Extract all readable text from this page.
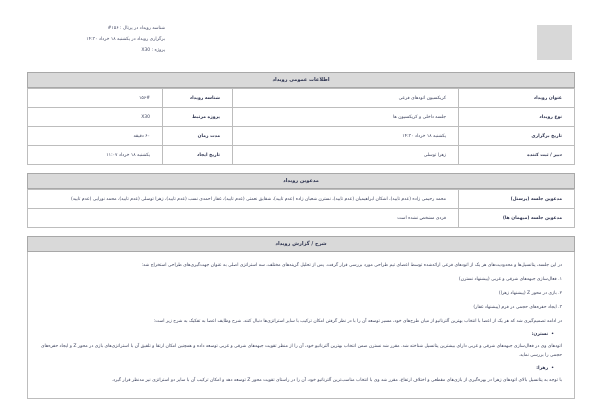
شناسه رویداد در پرتال : ۱۵۶#
برگزاری رویداد در یکشنبه ۱۸ خرداد ۱۴:۳۰
پروژه : X30
اطلاعات عمومی رویداد
عنوان رویداد	کریکسیون اتودهای فرعی	شناسه رویداد	۱۵۶#
نوع رویداد	جلسه داخلی و کریکسیون ها	پروژه مرتبط	X30
تاریخ برگزاری	یکشنبه ۱۸ خرداد ۱۴:۳۰	مدت زمان	۶۰ دقیقه
دبیر / ثبت کننده	زهرا توسلی	تاریخ ایجاد	یکشنبه ۱۸ خرداد ۱۱:۰۷
مدعوین رویداد
مدعوین جلسه (پرسنل)	محمد رحیمی زاده (عدم تایید)، اشکان ابراهیمیان (عدم تایید)، نسترن شعبان زاده (عدم تایید)، شقایق نعمتی (عدم تایید)، غفار احمدی نسب (عدم تایید)، زهرا توسلی (عدم تایید)، محمد نورایی (عدم تایید)
مدعوین جلسه (میهمان ها)	فردی مشخص نشده است
شرح / گزارش رویداد

در این جلسه، پتانسیل‌ها و محدودیت‌های هر یک از اتودهای فرعی ارائه‌شده توسط اعضای تیم طراحی مورد بررسی قرار گرفت. پس از تحلیل گزینه‌های مختلف، سه استراتژی اصلی به عنوان جهت‌گیری‌های طراحی استخراج شد:

۱. فعال‌سازی جبهه‌های شرقی و غربی (پیشنهاد نسترن)

۲. بازی در محور Z (پیشنهاد زهرا)

۳. ایجاد حفره‌های حجمی در فرم (پیشنهاد غفار)

در ادامه تصمیم‌گیری شد که هر یک از اعضا با انتخاب بهترین آلترناتیو از میان طرح‌های خود، مسیر توسعه آن را با در نظر گرفتن امکان ترکیب با سایر استراتژی‌ها دنبال کنند. شرح وظایف اعضا به تفکیک به شرح زیر است:

•نسترن:

اتودهای وی در فعال‌سازی جبهه‌های شرقی و غربی دارای بیشترین پتانسیل شناخته شد. مقرر شد نسترن ضمن انتخاب بهترین آلترناتیو خود، آن را از منظر تقویت جبهه‌های شرقی و غربی توسعه داده و همچنین امکان ارتقا و تلفیق آن با استراتژی‌های بازی در محور Z و ایجاد حفره‌های حجمی را بررسی نماید.

•زهرا:

با توجه به پتانسیل بالای اتودهای زهرا در بهره‌گیری از بازی‌های مقطعی و اختلاف ارتفاع، مقرر شد وی با انتخاب مناسب‌ترین آلترناتیو خود، آن را در راستای تقویت محور Z توسعه دهد و امکان ترکیب آن با سایر دو استراتژی نیز مدنظر قرار گیرد.
